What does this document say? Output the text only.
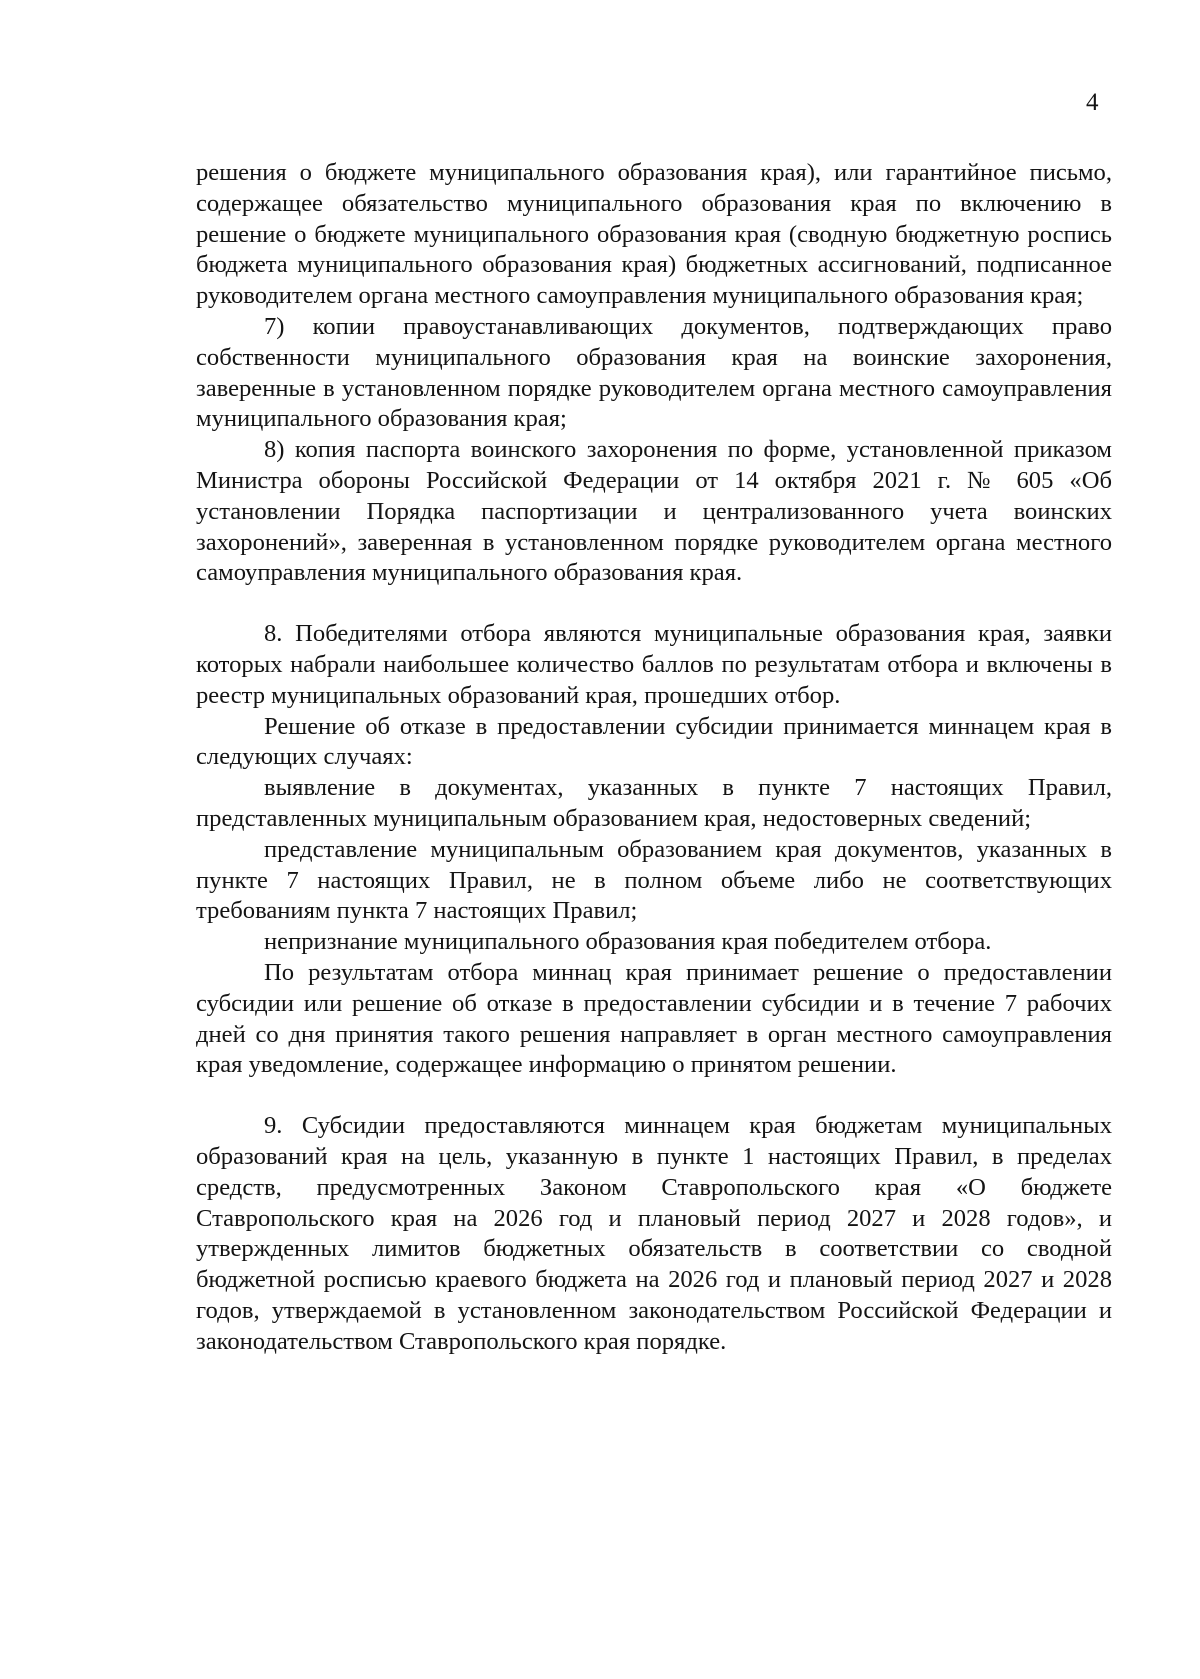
4

решения о бюджете муниципального образования края), или гарантийное письмо, содержащее обязательство муниципального образования края по включению в решение о бюджете муниципального образования края (сводную бюджетную роспись бюджета муниципального образования края) бюджетных ассигнований, подписанное руководителем органа местного самоуправления муниципального образования края;

7) копии правоустанавливающих документов, подтверждающих право собственности муниципального образования края на воинские захоронения, заверенные в установленном порядке руководителем органа местного самоуправления муниципального образования края;

8) копия паспорта воинского захоронения по форме, установленной приказом Министра обороны Российской Федерации от 14 октября 2021 г. № 605 «Об установлении Порядка паспортизации и централизованного учета воинских захоронений», заверенная в установленном порядке руководителем органа местного самоуправления муниципального образования края.

8. Победителями отбора являются муниципальные образования края, заявки которых набрали наибольшее количество баллов по результатам отбора и включены в реестр муниципальных образований края, прошедших отбор.

Решение об отказе в предоставлении субсидии принимается миннацем края в следующих случаях:

выявление в документах, указанных в пункте 7 настоящих Правил, представленных муниципальным образованием края, недостоверных сведений;

представление муниципальным образованием края документов, указанных в пункте 7 настоящих Правил, не в полном объеме либо не соответствующих требованиям пункта 7 настоящих Правил;

непризнание муниципального образования края победителем отбора.

По результатам отбора миннац края принимает решение о предоставлении субсидии или решение об отказе в предоставлении субсидии и в течение 7 рабочих дней со дня принятия такого решения направляет в орган местного самоуправления края уведомление, содержащее информацию о принятом решении.

9. Субсидии предоставляются миннацем края бюджетам муниципальных образований края на цель, указанную в пункте 1 настоящих Правил, в пределах средств, предусмотренных Законом Ставропольского края «О бюджете Ставропольского края на 2026 год и плановый период 2027 и 2028 годов», и утвержденных лимитов бюджетных обязательств в соответствии со сводной бюджетной росписью краевого бюджета на 2026 год и плановый период 2027 и 2028 годов, утверждаемой в установленном законодательством Российской Федерации и законодательством Ставропольского края порядке.
